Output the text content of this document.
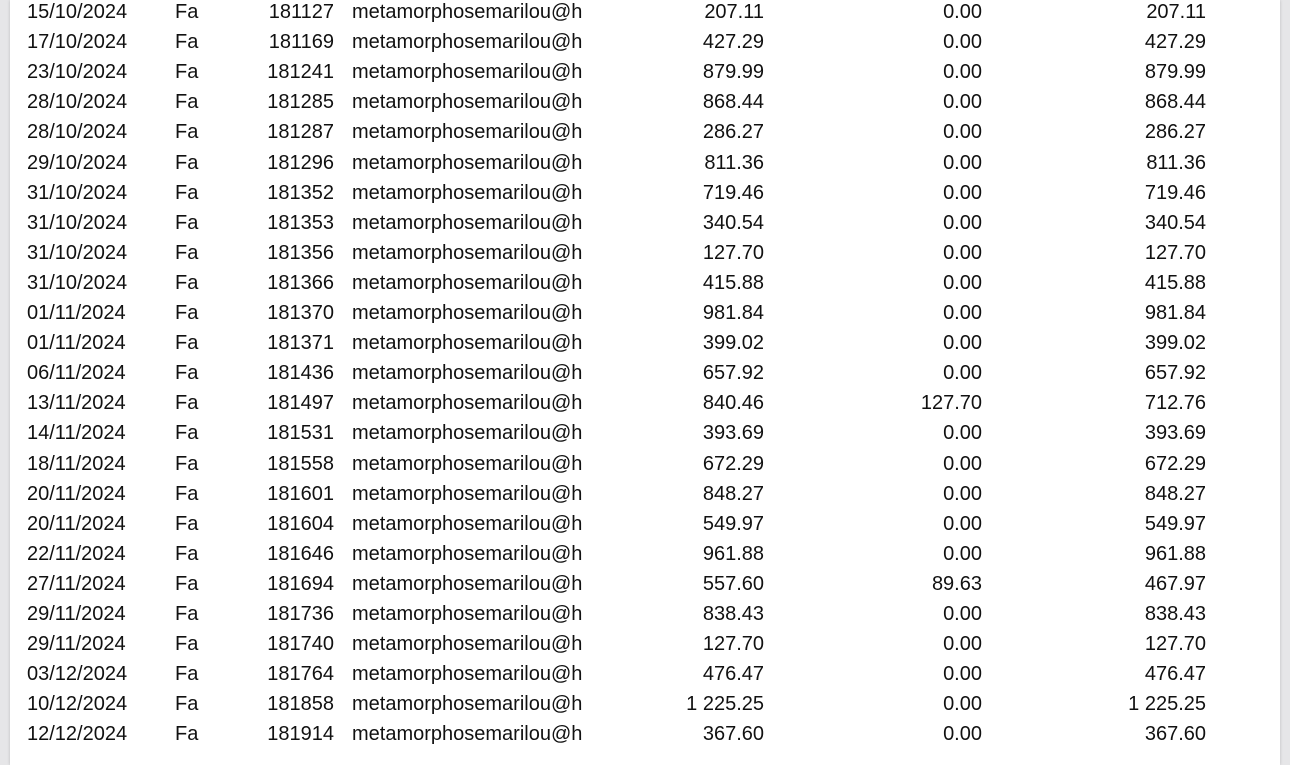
15/10/2024 Fa	181127 metamorphosemarilou@h	207.11	0.00	207.11
17/10/2024 Fa	181169 metamorphosemarilou@h	427.29	0.00	427.29
23/10/2024 Fa	181241 metamorphosemarilou@h	879.99	0.00	879.99
28/10/2024 Fa	181285 metamorphosemarilou@h	868.44	0.00	868.44
28/10/2024 Fa	181287 metamorphosemarilou@h	286.27	0.00	286.27
29/10/2024 Fa	181296 metamorphosemarilou@h	811.36	0.00	811.36
31/10/2024 Fa	181352 metamorphosemarilou@h	719.46	0.00	719.46
31/10/2024 Fa	181353 metamorphosemarilou@h	340.54	0.00	340.54
31/10/2024 Fa	181356 metamorphosemarilou@h	127.70	0.00	127.70
31/10/2024 Fa	181366 metamorphosemarilou@h	415.88	0.00	415.88
01/11/2024 Fa	181370 metamorphosemarilou@h	981.84	0.00	981.84
01/11/2024 Fa	181371 metamorphosemarilou@h	399.02	0.00	399.02
06/11/2024 Fa	181436 metamorphosemarilou@h	657.92	0.00	657.92
13/11/2024 Fa	181497 metamorphosemarilou@h	840.46	127.70	712.76
14/11/2024 Fa	181531 metamorphosemarilou@h	393.69	0.00	393.69
18/11/2024 Fa	181558 metamorphosemarilou@h	672.29	0.00	672.29
20/11/2024 Fa	181601 metamorphosemarilou@h	848.27	0.00	848.27
20/11/2024 Fa	181604 metamorphosemarilou@h	549.97	0.00	549.97
22/11/2024 Fa	181646 metamorphosemarilou@h	961.88	0.00	961.88
27/11/2024 Fa	181694 metamorphosemarilou@h	557.60	89.63	467.97
29/11/2024 Fa	181736 metamorphosemarilou@h	838.43	0.00	838.43
29/11/2024 Fa	181740 metamorphosemarilou@h	127.70	0.00	127.70
03/12/2024 Fa	181764 metamorphosemarilou@h	476.47	0.00	476.47
10/12/2024 Fa	181858 metamorphosemarilou@h	1 225.25	0.00	1 225.25
12/12/2024 Fa	181914 metamorphosemarilou@h	367.60	0.00	367.60
